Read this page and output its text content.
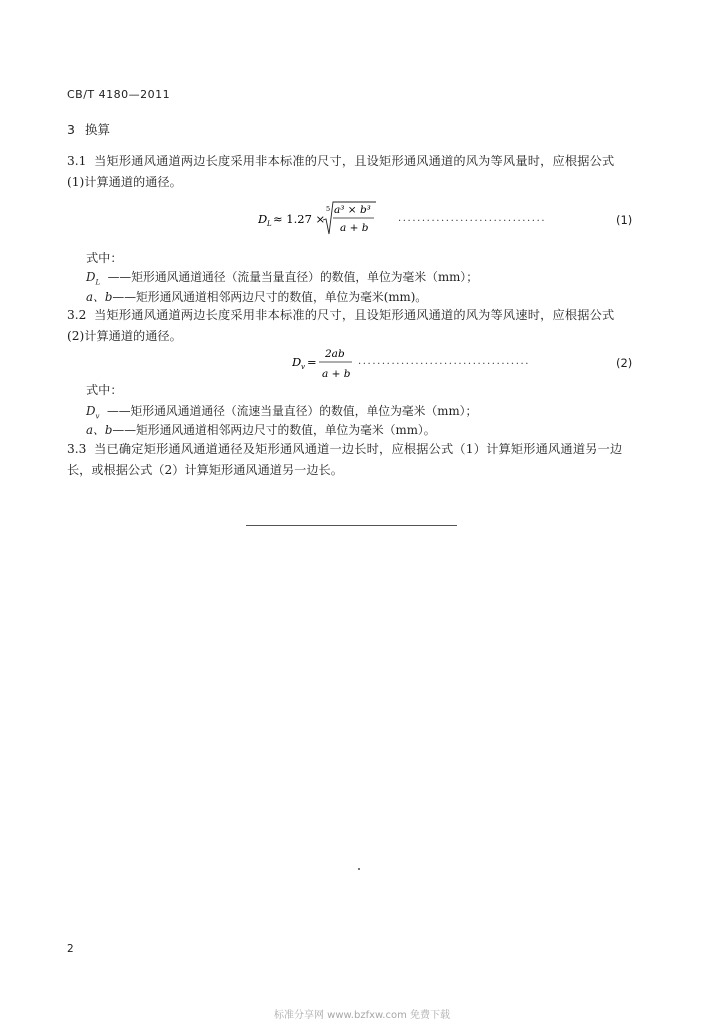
CB/T 4180—2011
3 换算
3.1 当矩形通风通道两边长度采用非本标准的尺寸，且设矩形通风通道的风为等风量时，应根据公式
(1)计算通道的通径。
D L ≈ 1.27 ×
5 a³ × b³
a + b
...............................	(1)
式中：
$D_L$ ——矩形通风通道通径（流量当量直径）的数值，单位为毫米（mm）；
a、b——矩形通风通道相邻两边尺寸的数值，单位为毫米(mm)。
3.2 当矩形通风通道两边长度采用非本标准的尺寸，且设矩形通风通道的风为等风速时，应根据公式
(2)计算通道的通径。
D v =
2ab
a + b
....................................	(2)
式中：
$D_v$ ——矩形通风通道通径（流速当量直径）的数值，单位为毫米（mm）；
a、b——矩形通风通道相邻两边尺寸的数值，单位为毫米（mm）。
3.3 当已确定矩形通风通道通径及矩形通风通道一边长时，应根据公式（1）计算矩形通风通道另一边
长，或根据公式（2）计算矩形通风通道另一边长。
2
标准分享网 www.bzfxw.com 免费下载
